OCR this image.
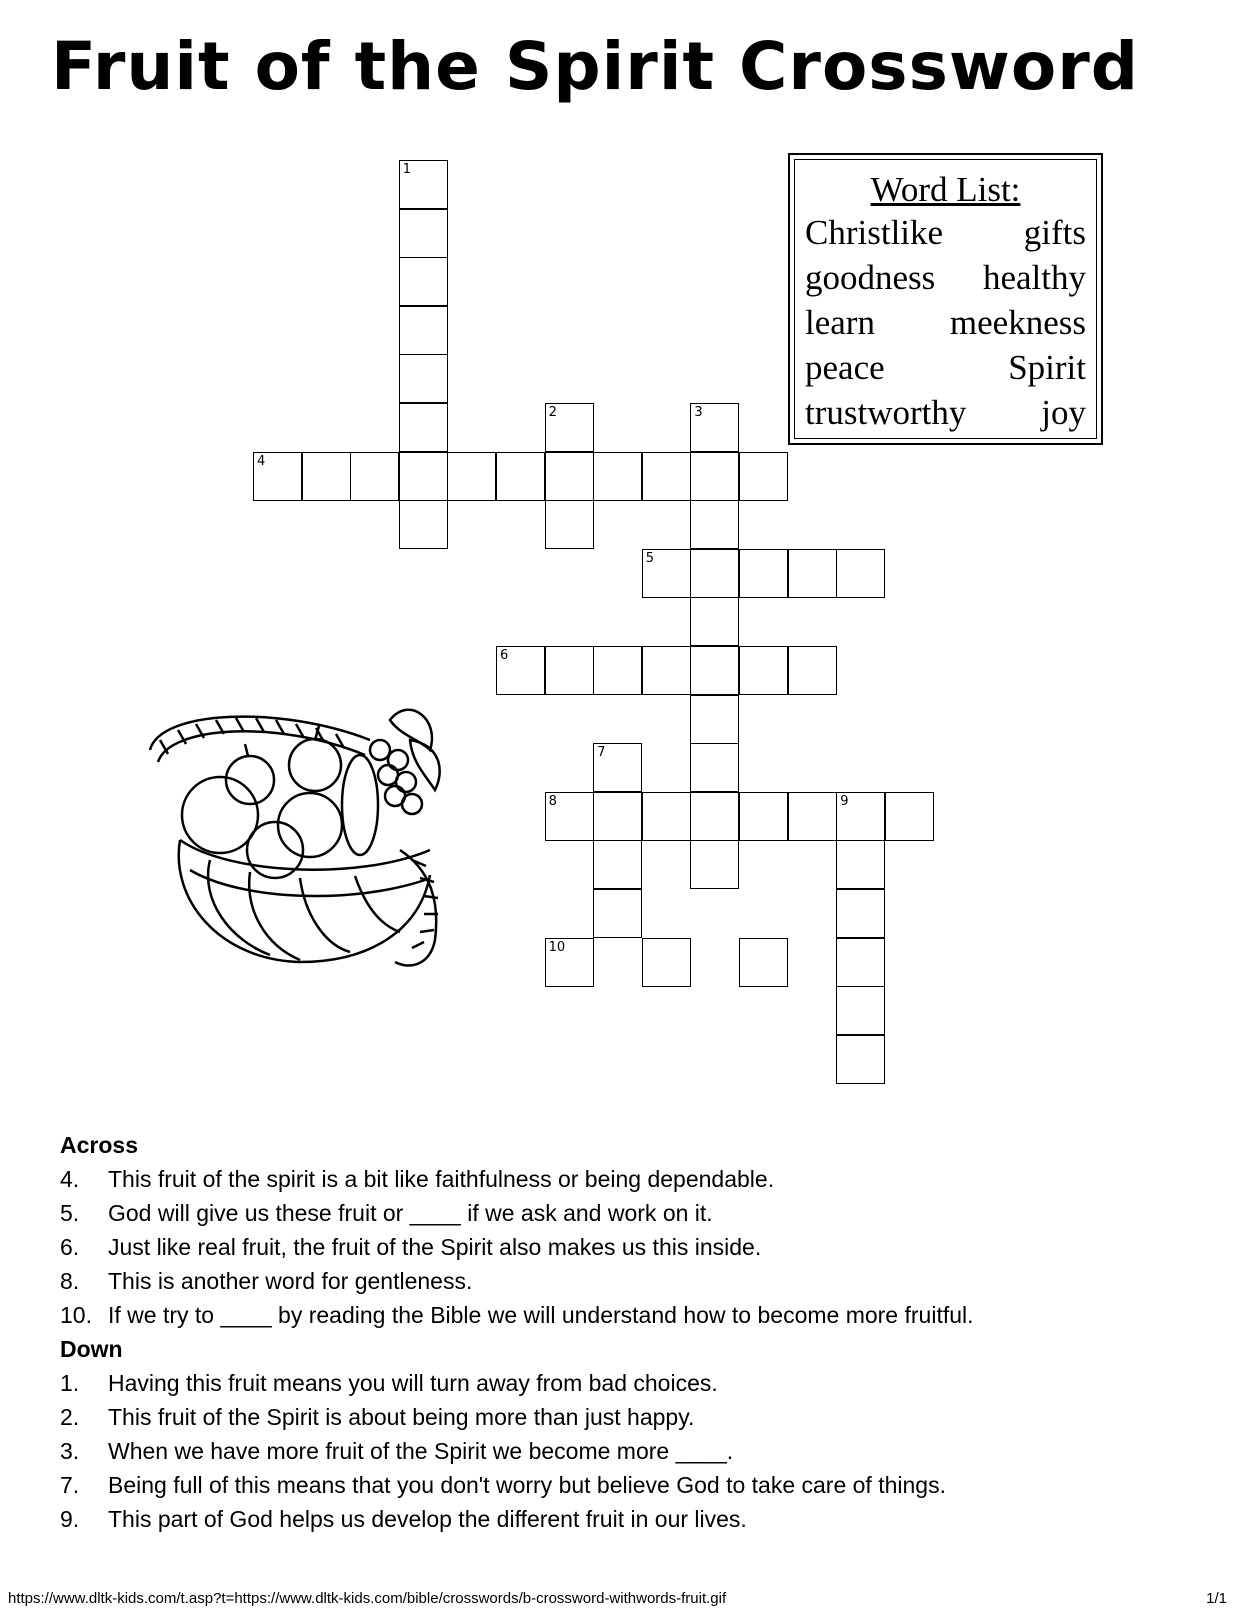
Fruit of the Spirit Crossword
1
2	3
4
5
6
7
8	9
10
Word List:
Christlike gifts
goodness healthy
learn meekness
peace	Spirit
trustworthy joy
Across
4.	This fruit of the spirit is a bit like faithfulness or being dependable.
5.	God will give us these fruit or ____ if we ask and work on it.
6.	Just like real fruit, the fruit of the Spirit also makes us this inside.
8.	This is another word for gentleness.
10. If we try to ____ by reading the Bible we will understand how to become more fruitful.
Down
1.	Having this fruit means you will turn away from bad choices.
2.	This fruit of the Spirit is about being more than just happy.
3.	When we have more fruit of the Spirit we become more ____.
7.	Being full of this means that you don't worry but believe God to take care of things.
9.	This part of God helps us develop the different fruit in our lives.
https://www.dltk-kids.com/t.asp?t=https://www.dltk-kids.com/bible/crosswords/b-crossword-withwords-fruit.gif	1/1
